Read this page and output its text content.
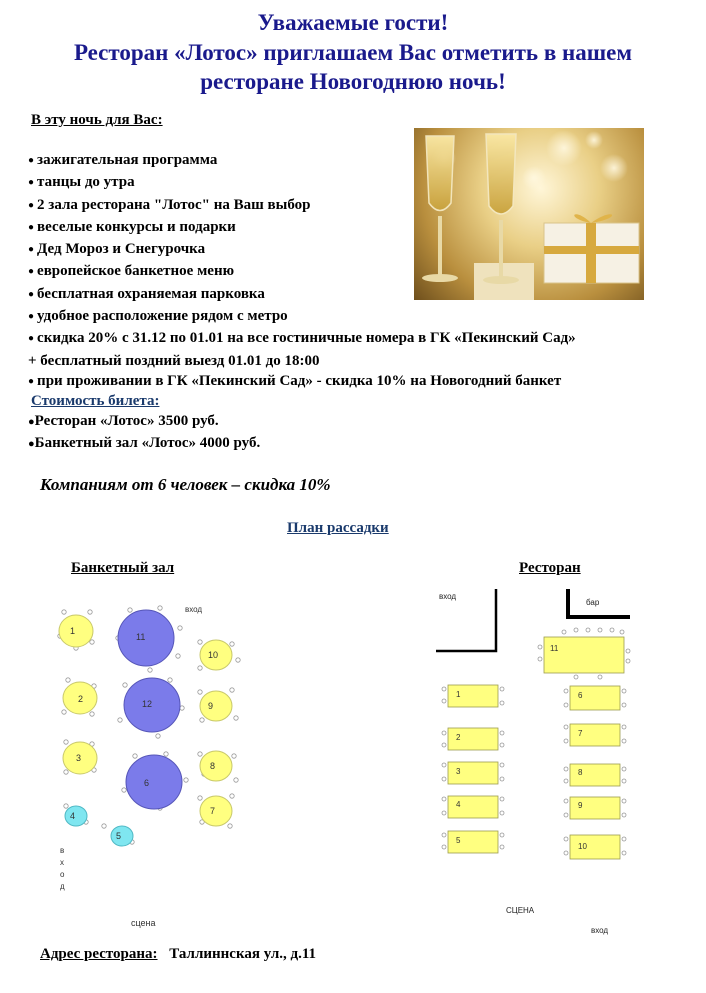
Уважаемые гости!
Ресторан «Лотос» приглашаем Вас отметить в нашем
ресторане Новогоднюю ночь!
В эту ночь для Вас:
● зажигательная программа
● танцы до утра
● 2 зала ресторана "Лотос" на Ваш выбор
● веселые конкурсы и подарки
● Дед Мороз и Снегурочка
● европейское банкетное меню
● бесплатная охраняемая парковка
● удобное расположение рядом с метро
● скидка 20% с 31.12 по 01.01 на все гостиничные номера в ГК «Пекинский Сад»
+ бесплатный поздний выезд 01.01 до 18:00
● при проживании в ГК «Пекинский Сад» - скидка 10% на Новогодний банкет
Стоимость билета:
●Ресторан «Лотос» 3500 руб.
●Банкетный зал «Лотос» 4000 руб.
Компаниям от 6 человек – скидка 10%
План рассадки
Банкетный зал
1
11
10
2	12	9
3
6
8
7
4
5
вход
в
х
о
д
сцена
Ресторан
11
1
2
3
4
5
6
7
8
9
10
вход
бар
СЦЕНА
вход
Адрес ресторана: Таллиннская ул., д.11
